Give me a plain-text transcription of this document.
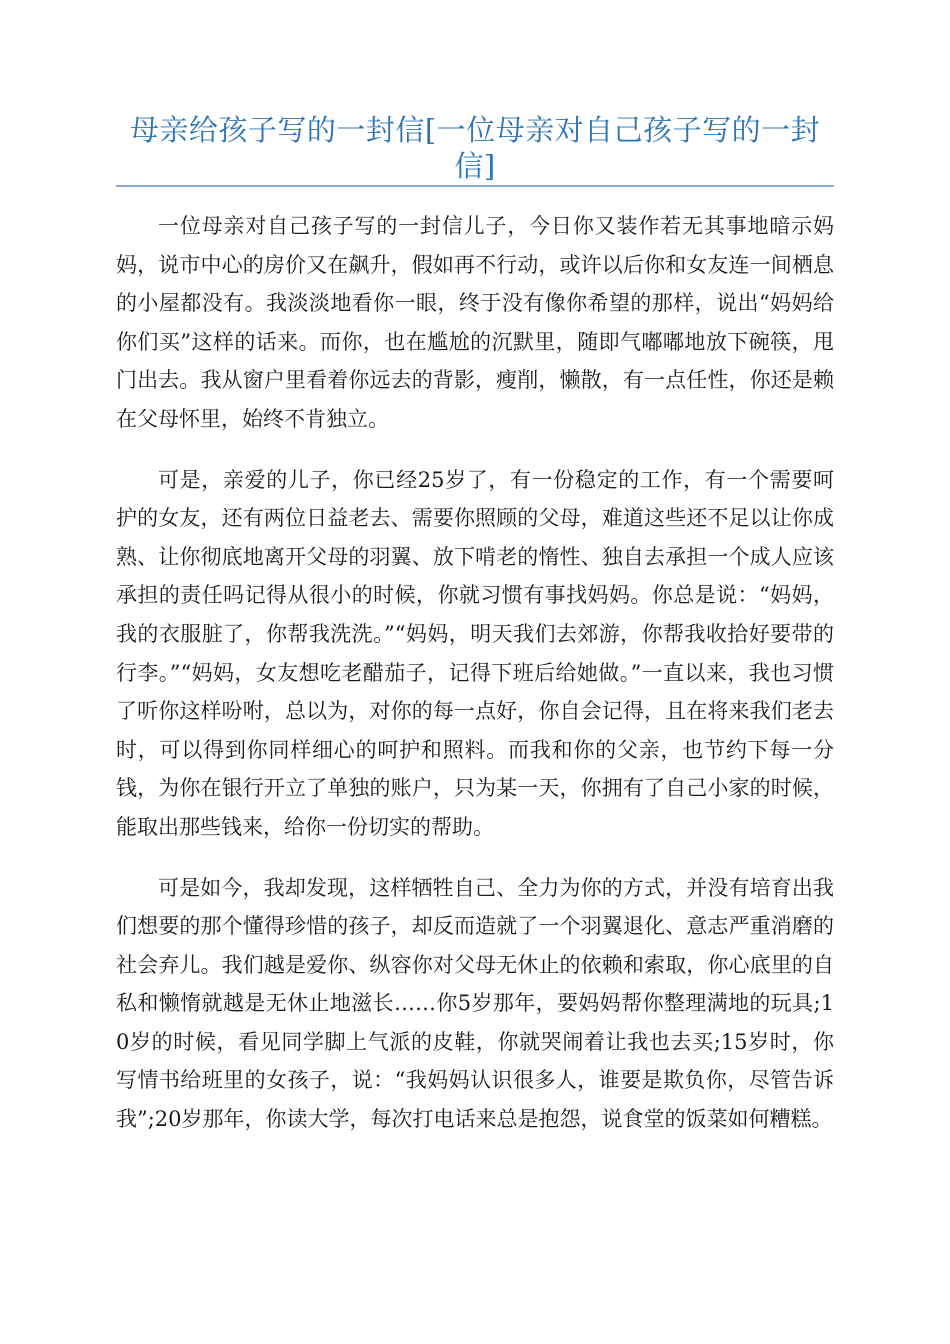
母亲给孩子写的一封信[一位母亲对自己孩子写的一封信]

一位母亲对自己孩子写的一封信儿子，今日你又装作若无其事地暗示妈妈，说市中心的房价又在飙升，假如再不行动，或许以后你和女友连一间栖息的小屋都没有。我淡淡地看你一眼，终于没有像你希望的那样，说出“妈妈给你们买”这样的话来。而你，也在尴尬的沉默里，随即气嘟嘟地放下碗筷，甩门出去。我从窗户里看着你远去的背影，瘦削，懒散，有一点任性，你还是赖在父母怀里，始终不肯独立。

可是，亲爱的儿子，你已经25岁了，有一份稳定的工作，有一个需要呵护的女友，还有两位日益老去、需要你照顾的父母，难道这些还不足以让你成熟、让你彻底地离开父母的羽翼、放下啃老的惰性、独自去承担一个成人应该承担的责任吗记得从很小的时候，你就习惯有事找妈妈。你总是说：“妈妈，我的衣服脏了，你帮我洗洗。”“妈妈，明天我们去郊游，你帮我收拾好要带的行李。”“妈妈，女友想吃老醋茄子，记得下班后给她做。”一直以来，我也习惯了听你这样吩咐，总以为，对你的每一点好，你自会记得，且在将来我们老去时，可以得到你同样细心的呵护和照料。而我和你的父亲，也节约下每一分钱，为你在银行开立了单独的账户，只为某一天，你拥有了自己小家的时候，能取出那些钱来，给你一份切实的帮助。

可是如今，我却发现，这样牺牲自己、全力为你的方式，并没有培育出我们想要的那个懂得珍惜的孩子，却反而造就了一个羽翼退化、意志严重消磨的社会弃儿。我们越是爱你、纵容你对父母无休止的依赖和索取，你心底里的自私和懒惰就越是无休止地滋长……你5岁那年，要妈妈帮你整理满地的玩具;10岁的时候，看见同学脚上气派的皮鞋，你就哭闹着让我也去买;15岁时，你写情书给班里的女孩子，说：“我妈妈认识很多人，谁要是欺负你，尽管告诉我”;20岁那年，你读大学，每次打电话来总是抱怨，说食堂的饭菜如何糟糕。
